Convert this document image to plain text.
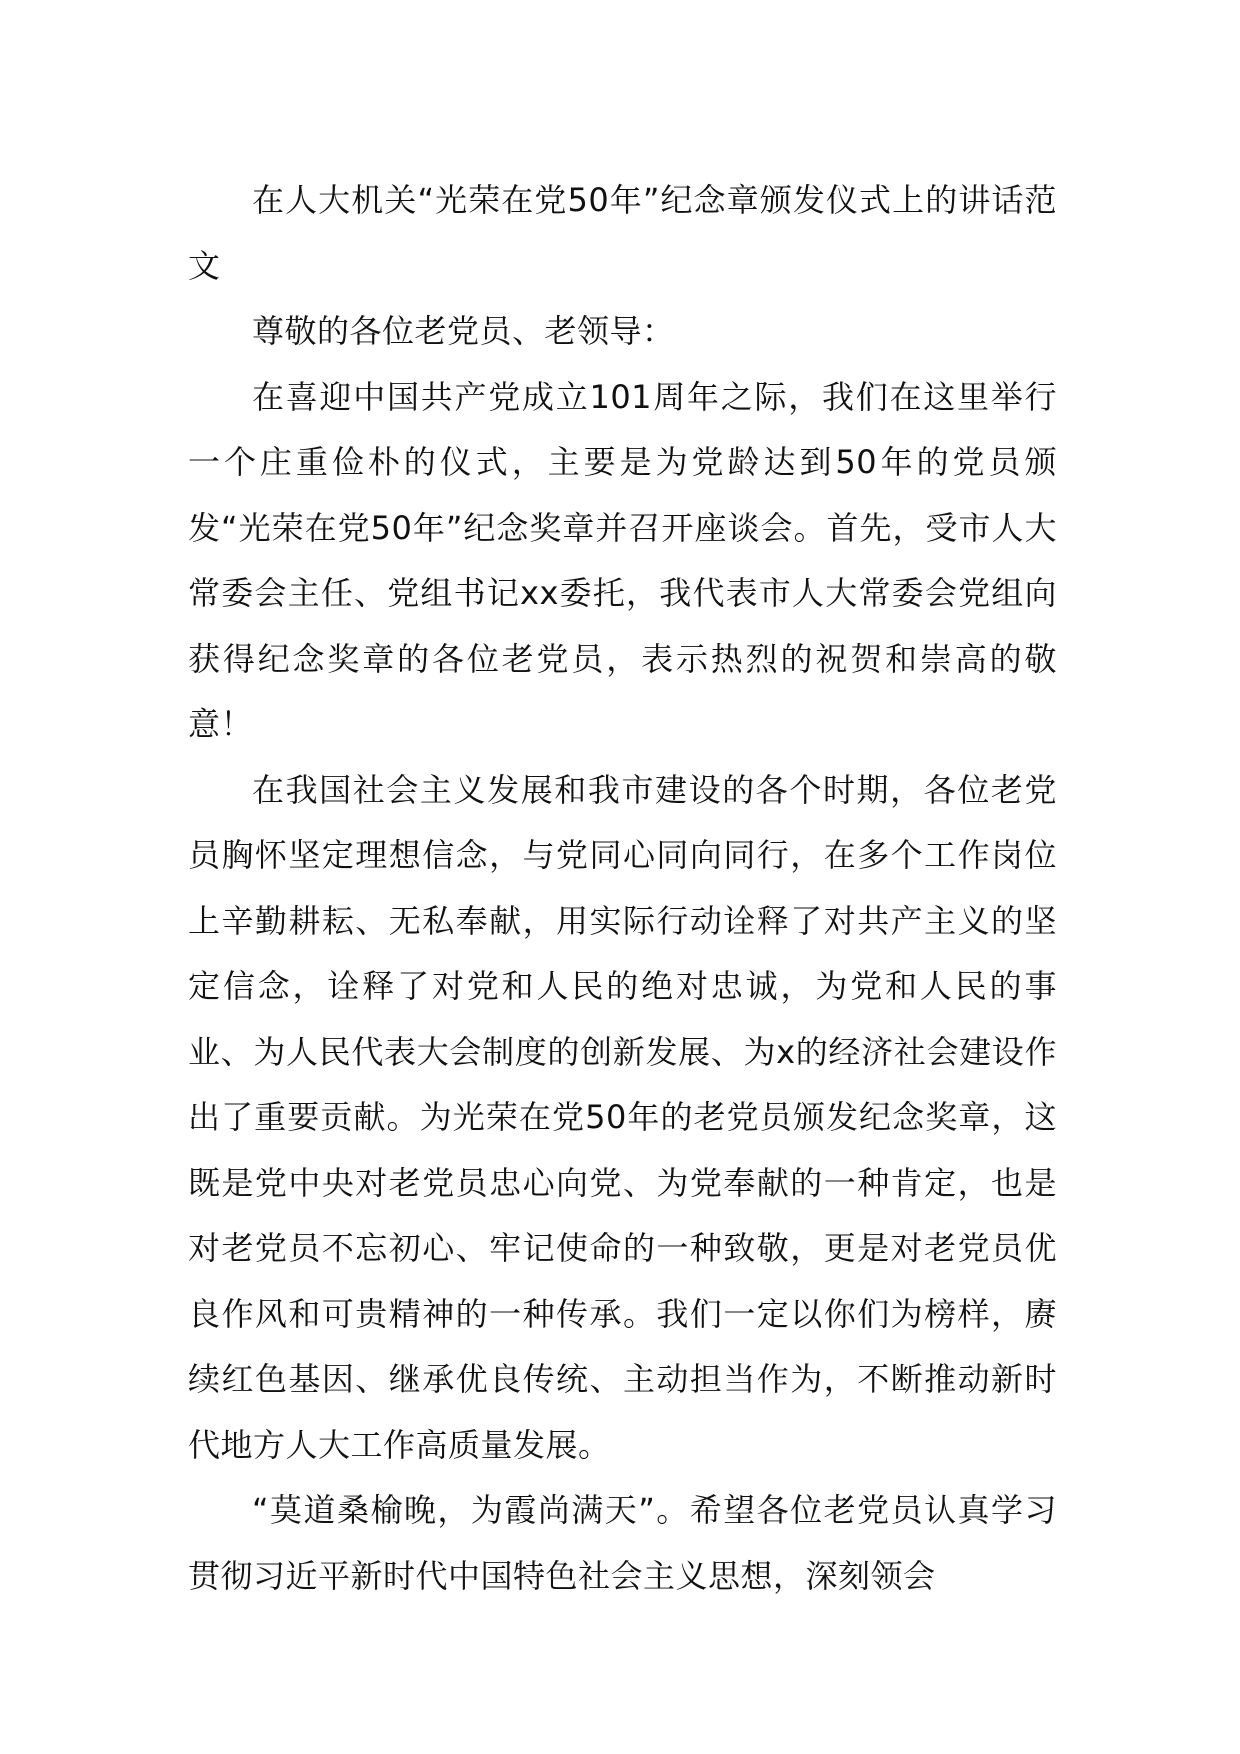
在人大机关“光荣在党50年”纪念章颁发仪式上的讲话范文

尊敬的各位老党员、老领导：

在喜迎中国共产党成立101周年之际，我们在这里举行一个庄重俭朴的仪式，主要是为党龄达到50年的党员颁发“光荣在党50年”纪念奖章并召开座谈会。首先，受市人大常委会主任、党组书记xx委托，我代表市人大常委会党组向获得纪念奖章的各位老党员，表示热烈的祝贺和崇高的敬意！

在我国社会主义发展和我市建设的各个时期，各位老党员胸怀坚定理想信念，与党同心同向同行，在多个工作岗位上辛勤耕耘、无私奉献，用实际行动诠释了对共产主义的坚定信念，诠释了对党和人民的绝对忠诚，为党和人民的事业、为人民代表大会制度的创新发展、为x的经济社会建设作出了重要贡献。为光荣在党50年的老党员颁发纪念奖章，这既是党中央对老党员忠心向党、为党奉献的一种肯定，也是对老党员不忘初心、牢记使命的一种致敬，更是对老党员优良作风和可贵精神的一种传承。我们一定以你们为榜样，赓续红色基因、继承优良传统、主动担当作为，不断推动新时代地方人大工作高质量发展。

“莫道桑榆晚，为霞尚满天”。希望各位老党员认真学习贯彻习近平新时代中国特色社会主义思想，深刻领会
